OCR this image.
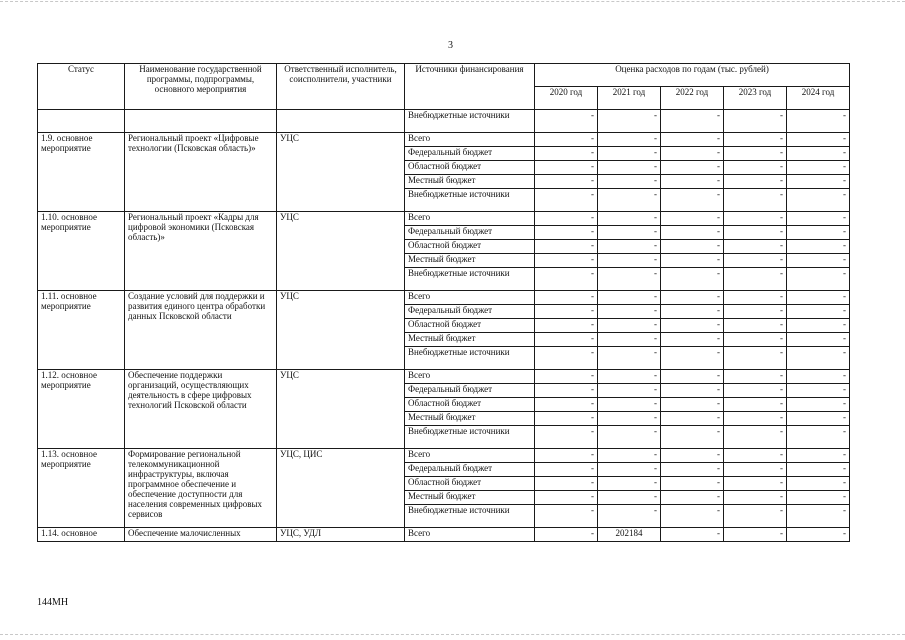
3
Статус	Наименование государственной программы, подпрограммы, основного мероприятия	Ответственный исполнитель, соисполнители, участники	Источники финансирования	Оценка расходов по годам (тыс. рублей)				
				2020 год	2021 год	2022 год	2023 год	2024 год
			Внебюджетные источники	-	-	-	-	-
1.9. основное мероприятие	Региональный проект «Цифровые технологии (Псковская область)»	УЦС	Всего	-	-	-	-	-
			Федеральный бюджет	-	-	-	-	-
			Областной бюджет	-	-	-	-	-
			Местный бюджет	-	-	-	-	-
			Внебюджетные источники	-	-	-	-	-
1.10. основное мероприятие	Региональный проект «Кадры для цифровой экономики (Псковская область)»	УЦС	Всего	-	-	-	-	-
			Федеральный бюджет	-	-	-	-	-
			Областной бюджет	-	-	-	-	-
			Местный бюджет	-	-	-	-	-
			Внебюджетные источники	-	-	-	-	-
1.11. основное мероприятие	Создание условий для поддержки и развития единого центра обработки данных Псковской области	УЦС	Всего	-	-	-	-	-
			Федеральный бюджет	-	-	-	-	-
			Областной бюджет	-	-	-	-	-
			Местный бюджет	-	-	-	-	-
			Внебюджетные источники	-	-	-	-	-
1.12. основное мероприятие	Обеспечение поддержки организаций, осуществляющих деятельность в сфере цифровых технологий Псковской области	УЦС	Всего	-	-	-	-	-
			Федеральный бюджет	-	-	-	-	-
			Областной бюджет	-	-	-	-	-
			Местный бюджет	-	-	-	-	-
			Внебюджетные источники	-	-	-	-	-
1.13. основное мероприятие	Формирование региональной телекоммуникационной инфраструктуры, включая программное обеспечение и обеспечение доступности для населения современных цифровых сервисов	УЦС, ЦИС	Всего	-	-	-	-	-
			Федеральный бюджет	-	-	-	-	-
			Областной бюджет	-	-	-	-	-
			Местный бюджет	-	-	-	-	-
			Внебюджетные источники	-	-	-	-	-
1.14. основное	Обеспечение малочисленных	УЦС, УДЛ	Всего	-	202184	-	-	-
144МН
